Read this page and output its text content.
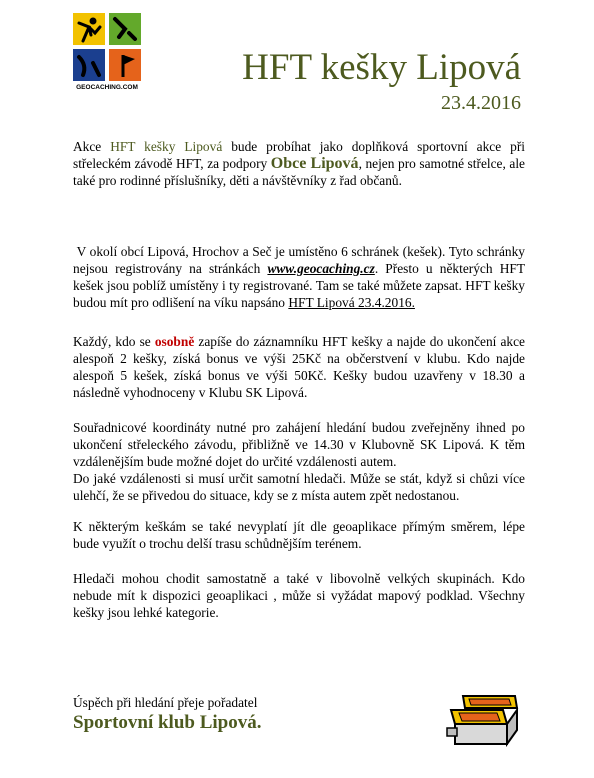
GEOCACHING.COM	HFT kešky Lipová
23.4.2016
Akce HFT kešky Lipová bude probíhat jako doplňková sportovní akce při střeleckém závodě HFT, za podpory Obce Lipová, nejen pro samotné střelce, ale také pro rodinné příslušníky, děti a návštěvníky z řad občanů.
V okolí obcí Lipová, Hrochov a Seč je umístěno 6 schránek (kešek). Tyto schránky nejsou registrovány na stránkách www.geocaching.cz. Přesto u některých HFT kešek jsou poblíž umístěny i ty registrované. Tam se také můžete zapsat. HFT kešky budou mít pro odlišení na víku napsáno HFT Lipová 23.4.2016.
Každý, kdo se osobně zapíše do záznamníku HFT kešky a najde do ukončení akce alespoň 2 kešky, získá bonus ve výši 25Kč na občerstvení v klubu. Kdo najde alespoň 5 kešek, získá bonus ve výši 50Kč. Kešky budou uzavřeny v 18.30 a následně vyhodnoceny v Klubu SK Lipová.
Souřadnicové koordináty nutné pro zahájení hledání budou zveřejněny ihned po ukončení střeleckého závodu, přibližně ve 14.30 v Klubovně SK Lipová. K těm vzdálenějším bude možné dojet do určité vzdálenosti autem.
Do jaké vzdálenosti si musí určit samotní hledači. Může se stát, když si chůzi více ulehčí, že se přivedou do situace, kdy se z místa autem zpět nedostanou.
K některým keškám se také nevyplatí jít dle geoaplikace přímým směrem, lépe bude využít o trochu delší trasu schůdnějším terénem.
Hledači mohou chodit samostatně a také v libovolně velkých skupinách. Kdo nebude mít k dispozici geoaplikaci , může si vyžádat mapový podklad. Všechny kešky jsou lehké kategorie.
Úspěch při hledání přeje pořadatel
Sportovní klub Lipová.
